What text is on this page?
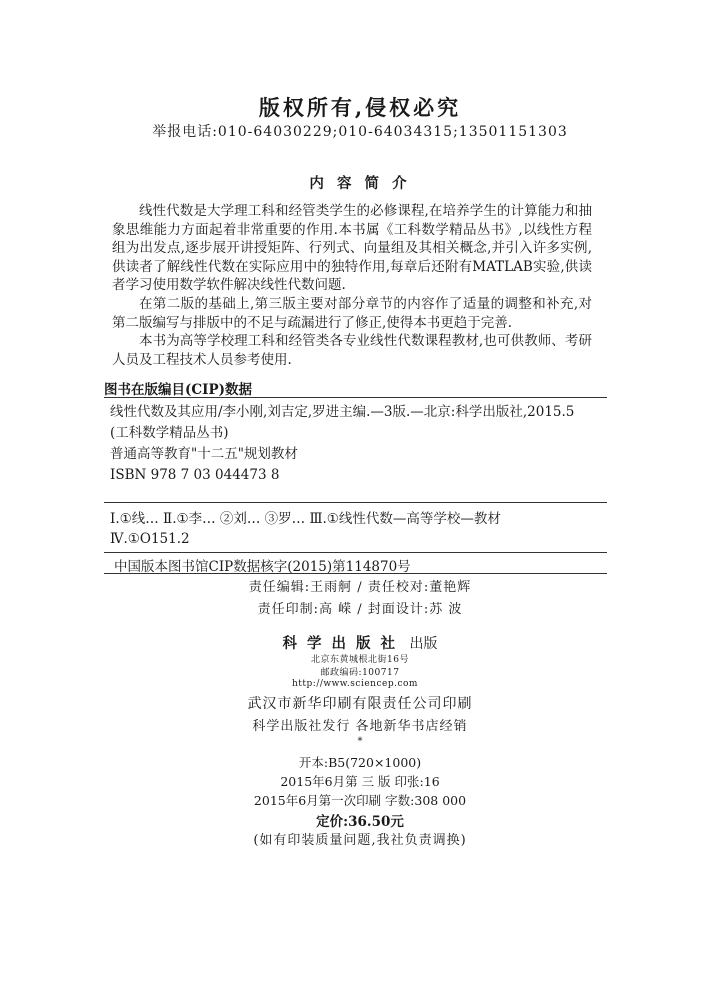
版权所有,侵权必究
举报电话:010-64030229;010-64034315;13501151303
内 容 简 介

线性代数是大学理工科和经管类学生的必修课程,在培养学生的计算能力和抽象思维能力方面起着非常重要的作用.本书属《工科数学精品丛书》,以线性方程组为出发点,逐步展开讲授矩阵、行列式、向量组及其相关概念,并引入许多实例,供读者了解线性代数在实际应用中的独特作用,每章后还附有MATLAB实验,供读者学习使用数学软件解决线性代数问题.

在第二版的基础上,第三版主要对部分章节的内容作了适量的调整和补充,对第二版编写与排版中的不足与疏漏进行了修正,使得本书更趋于完善.

本书为高等学校理工科和经管类各专业线性代数课程教材,也可供教师、考研人员及工程技术人员参考使用.

图书在版编目(CIP)数据
线性代数及其应用/李小刚,刘吉定,罗进主编.—3版.—北京:科学出版社,2015.5
(工科数学精品丛书)
普通高等教育"十二五"规划教材
ISBN 978 7 03 044473 8
Ⅰ.①线… Ⅱ.①李… ②刘… ③罗… Ⅲ.①线性代数—高等学校—教材
Ⅳ.①O151.2
中国版本图书馆CIP数据核字(2015)第114870号
责任编辑:王雨舸 / 责任校对:董艳辉
责任印制:高 嵘 / 封面设计:苏 波
科学出版社 出版
北京东黄城根北街16号
邮政编码:100717
http://www.sciencep.com
武汉市新华印刷有限责任公司印刷
科学出版社发行 各地新华书店经销
*
开本:B5(720×1000)
2015年6月第 三 版 印张:16
2015年6月第一次印刷 字数:308 000
定价:36.50元
(如有印装质量问题,我社负责调换)
